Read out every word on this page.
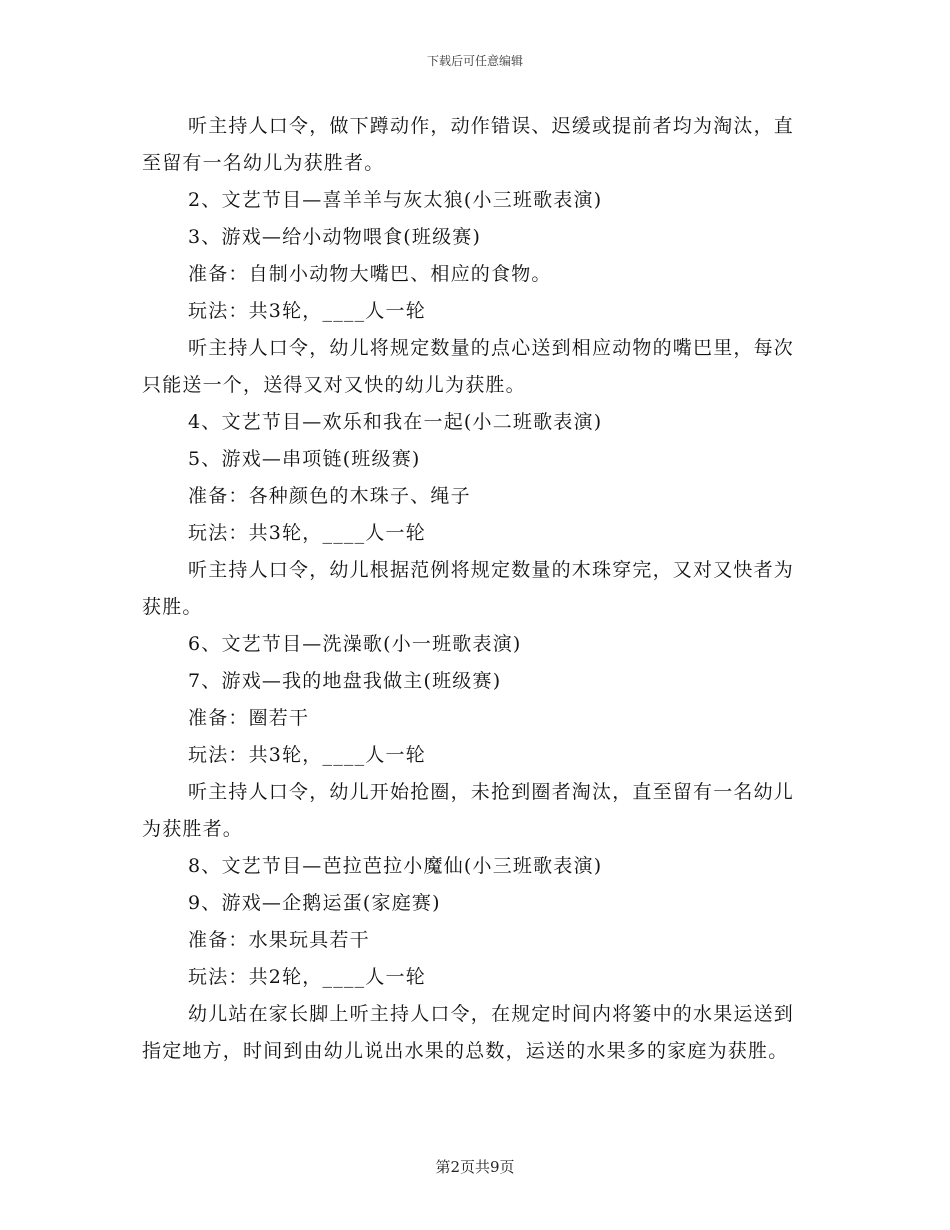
下载后可任意编辑

听主持人口令，做下蹲动作，动作错误、迟缓或提前者均为淘汰，直至留有一名幼儿为获胜者。

2、文艺节目—喜羊羊与灰太狼(小三班歌表演)

3、游戏—给小动物喂食(班级赛)

准备：自制小动物大嘴巴、相应的食物。

玩法：共3轮，____人一轮

听主持人口令，幼儿将规定数量的点心送到相应动物的嘴巴里，每次只能送一个，送得又对又快的幼儿为获胜。

4、文艺节目—欢乐和我在一起(小二班歌表演)

5、游戏—串项链(班级赛)

准备：各种颜色的木珠子、绳子

玩法：共3轮，____人一轮

听主持人口令，幼儿根据范例将规定数量的木珠穿完，又对又快者为获胜。

6、文艺节目—洗澡歌(小一班歌表演)

7、游戏—我的地盘我做主(班级赛)

准备：圈若干

玩法：共3轮，____人一轮

听主持人口令，幼儿开始抢圈，未抢到圈者淘汰，直至留有一名幼儿为获胜者。

8、文艺节目—芭拉芭拉小魔仙(小三班歌表演)

9、游戏—企鹅运蛋(家庭赛)

准备：水果玩具若干

玩法：共2轮，____人一轮

幼儿站在家长脚上听主持人口令，在规定时间内将篓中的水果运送到指定地方，时间到由幼儿说出水果的总数，运送的水果多的家庭为获胜。

第2页共9页
